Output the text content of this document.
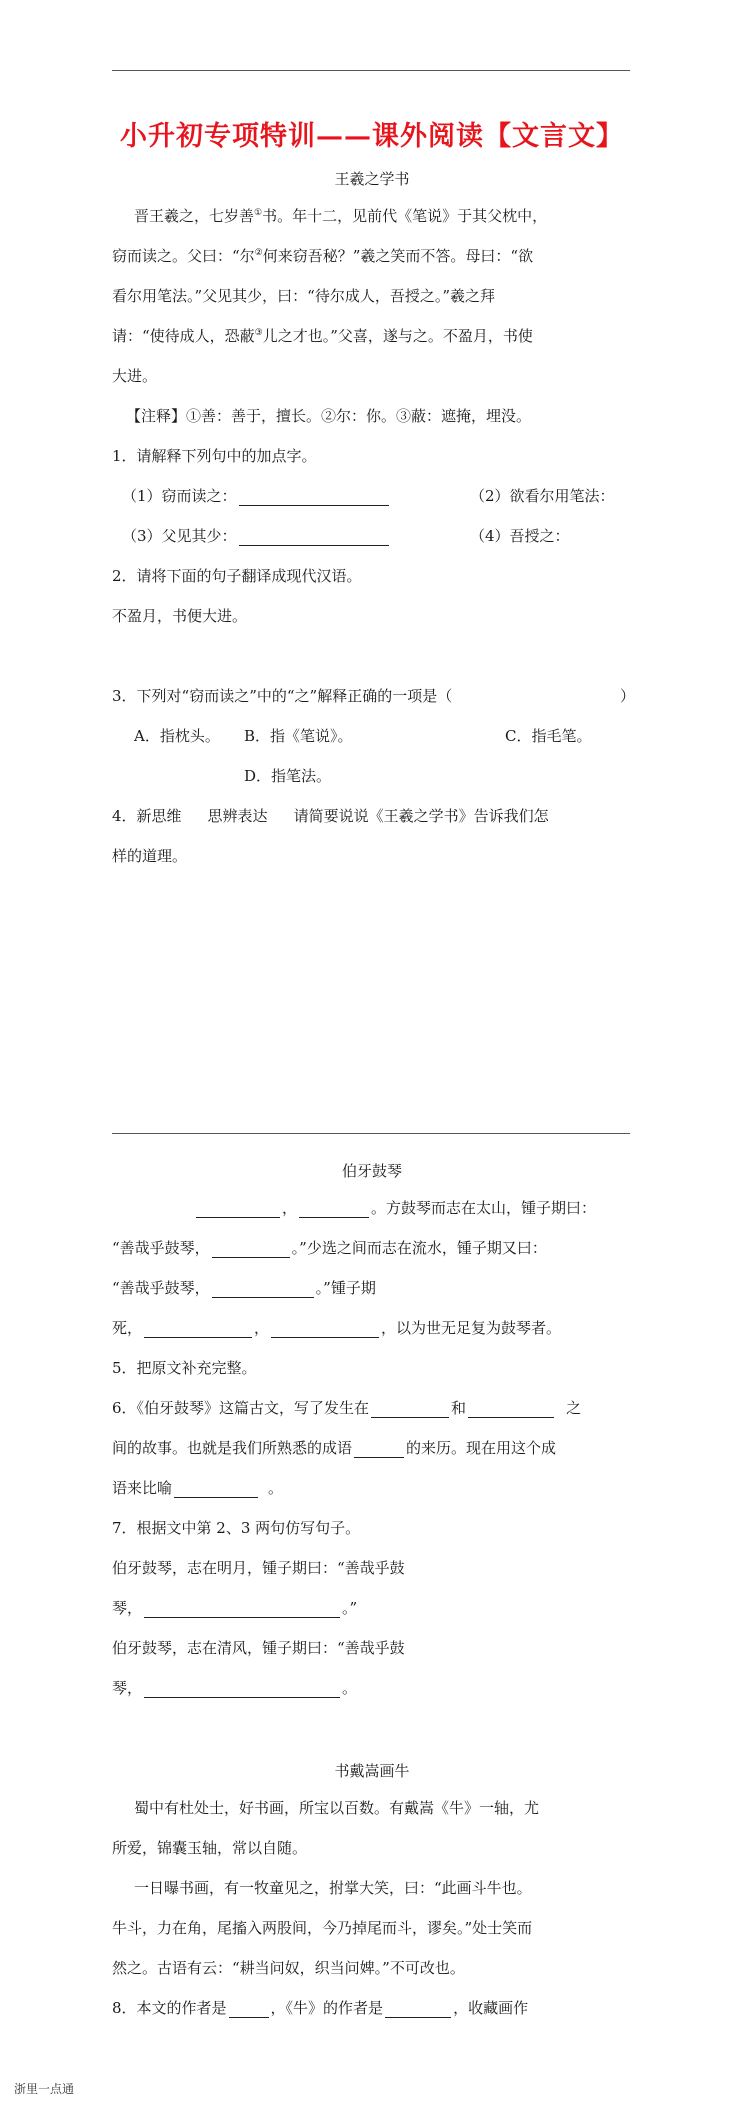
小升初专项特训——课外阅读【文言文】
王羲之学书
晋王羲之，七岁善①书。年十二，见前代《笔说》于其父枕中，
窃而读之。父曰：“尔②何来窃吾秘？”羲之笑而不答。母曰：“欲
看尔用笔法。”父见其少，曰：“待尔成人，吾授之。”羲之拜
请：“使待成人，恐蔽③儿之才也。”父喜，遂与之。不盈月，书使
大进。
【注释】①善：善于，擅长。②尔：你。③蔽：遮掩，埋没。
1．请解释下列句中的加点字。
（1）窃而读之：	（2）欲看尔用笔法：
（3）父见其少：	（4）吾授之：
2．请将下面的句子翻译成现代汉语。
不盈月，书便大进。
3．下列对“窃而读之”中的“之”解释正确的一项是（	）
A．指枕头。 B．指《笔说》。	C．指毛笔。
D．指笔法。
4．新思维 思辨表达 请简要说说《王羲之学书》告诉我们怎
样的道理。
伯牙鼓琴
，	。方鼓琴而志在太山，锺子期曰：
“善哉乎鼓琴，	。”少选之间而志在流水，锺子期又曰：
“善哉乎鼓琴，	。”锺子期
死，	，	，以为世无足复为鼓琴者。
5．把原文补充完整。
6．《伯牙鼓琴》这篇古文，写了发生在	和	之
间的故事。也就是我们所熟悉的成语	的来历。现在用这个成
语来比喻	。
7．根据文中第 2、3 两句仿写句子。
伯牙鼓琴，志在明月，锺子期曰：“善哉乎鼓
琴，	。”
伯牙鼓琴，志在清风，锺子期曰：“善哉乎鼓
琴，	。
书戴嵩画牛
蜀中有杜处士，好书画，所宝以百数。有戴嵩《牛》一轴，尤
所爱，锦囊玉轴，常以自随。
一日曝书画，有一牧童见之，拊掌大笑，曰：“此画斗牛也。
牛斗，力在角，尾搐入两股间，今乃掉尾而斗，谬矣。”处士笑而
然之。古语有云：“耕当问奴，织当问婢。”不可改也。
8．本文的作者是	，《牛》的作者是	，收藏画作
浙里一点通
